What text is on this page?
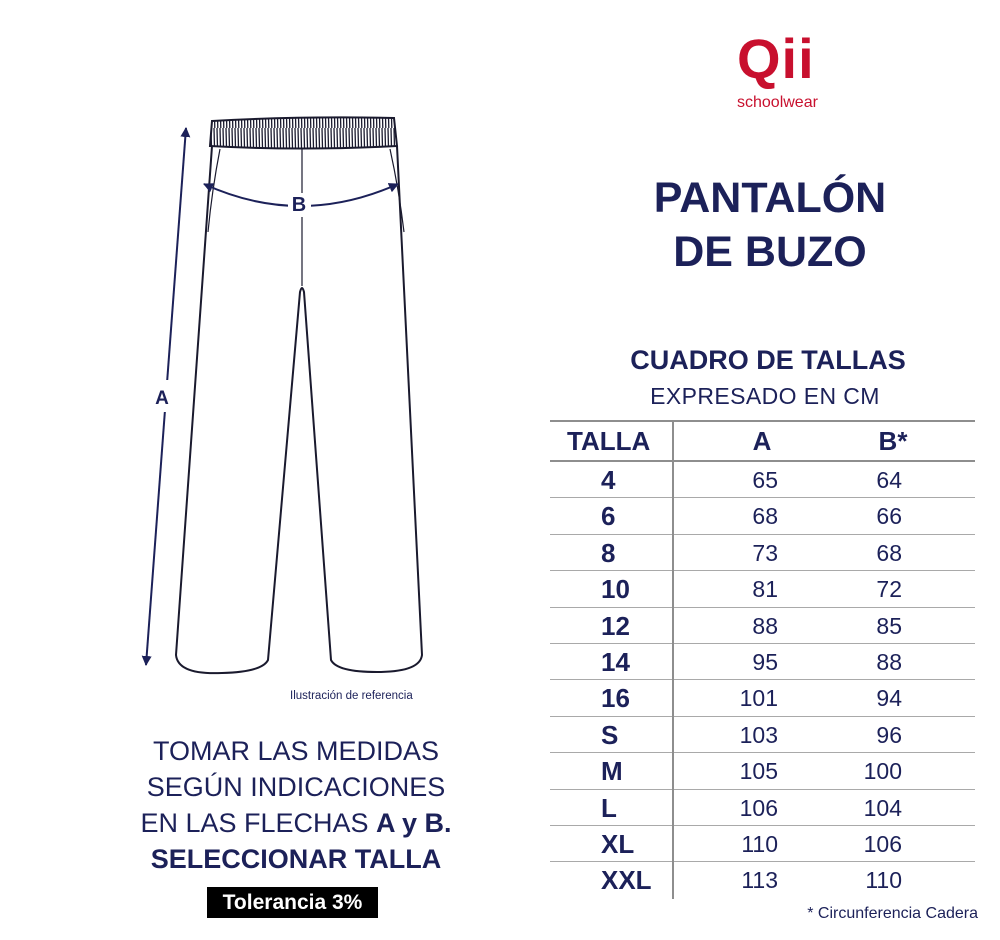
A
B
Ilustración de referencia
TOMAR LAS MEDIDAS
SEGÚN INDICACIONES
EN LAS FLECHAS A y B.
SELECCIONAR TALLA
Tolerancia 3%
Qii
schoolwear
PANTALÓN
DE BUZO
CUADRO DE TALLAS
EXPRESADO EN CM
TALLA	A	B*
4	65	64
6	68	66
8	73	68
10	81	72
12	88	85
14	95	88
16	101	94
S	103	96
M	105	100
L	106	104
XL	110	106
XXL	113	110
* Circunferencia Cadera
